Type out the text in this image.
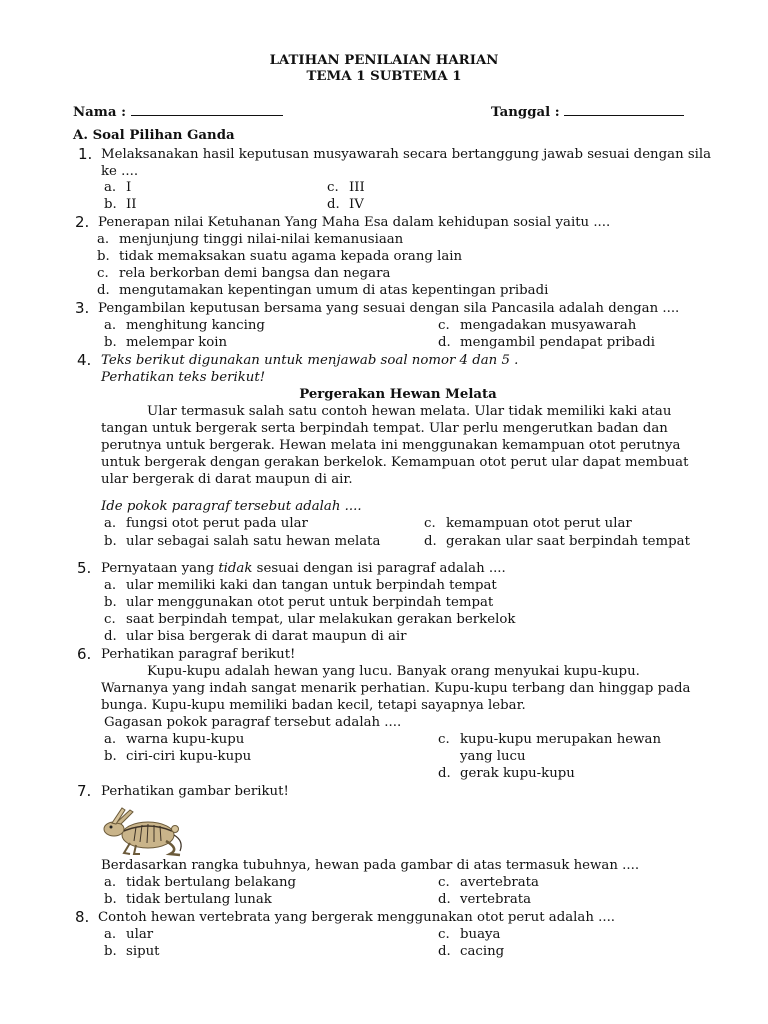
LATIHAN PENILAIAN HARIAN
TEMA 1 SUBTEMA 1
Nama :	Tanggal :
A. Soal Pilihan Ganda
1. Melaksanakan hasil keputusan musyawarah secara bertanggung jawab sesuai dengan sila
ke ....
a. I
b. II
c. III
d. IV
2. Penerapan nilai Ketuhanan Yang Maha Esa dalam kehidupan sosial yaitu ....
a. menjunjung tinggi nilai-nilai kemanusiaan
b. tidak memaksakan suatu agama kepada orang lain
c. rela berkorban demi bangsa dan negara
d. mengutamakan kepentingan umum di atas kepentingan pribadi
3. Pengambilan keputusan bersama yang sesuai dengan sila Pancasila adalah dengan ....
a. menghitung kancing
b. melempar koin
c. mengadakan musyawarah
d. mengambil pendapat pribadi
4. Teks berikut digunakan untuk menjawab soal nomor 4 dan 5 .
Perhatikan teks berikut!
Pergerakan Hewan Melata
Ular termasuk salah satu contoh hewan melata. Ular tidak memiliki kaki atau
tangan untuk bergerak serta berpindah tempat. Ular perlu mengerutkan badan dan
perutnya untuk bergerak. Hewan melata ini menggunakan kemampuan otot perutnya
untuk bergerak dengan gerakan berkelok. Kemampuan otot perut ular dapat membuat
ular bergerak di darat maupun di air.
Ide pokok paragraf tersebut adalah ....
a. fungsi otot perut pada ular
b. ular sebagai salah satu hewan melata
c. kemampuan otot perut ular
d. gerakan ular saat berpindah tempat
5. Pernyataan yang tidak sesuai dengan isi paragraf adalah ....
a. ular memiliki kaki dan tangan untuk berpindah tempat
b. ular menggunakan otot perut untuk berpindah tempat
c. saat berpindah tempat, ular melakukan gerakan berkelok
d. ular bisa bergerak di darat maupun di air
6. Perhatikan paragraf berikut!
Kupu-kupu adalah hewan yang lucu. Banyak orang menyukai kupu-kupu.
Warnanya yang indah sangat menarik perhatian. Kupu-kupu terbang dan hinggap pada
bunga. Kupu-kupu memiliki badan kecil, tetapi sayapnya lebar.
Gagasan pokok paragraf tersebut adalah ....
a. warna kupu-kupu
b. ciri-ciri kupu-kupu
c. kupu-kupu merupakan hewan
yang lucu
d. gerak kupu-kupu
7. Perhatikan gambar berikut!
Berdasarkan rangka tubuhnya, hewan pada gambar di atas termasuk hewan ....
a. tidak bertulang belakang
b. tidak bertulang lunak
c. avertebrata
d. vertebrata
8. Contoh hewan vertebrata yang bergerak menggunakan otot perut adalah ....
a. ular
b. siput
c. buaya
d. cacing
